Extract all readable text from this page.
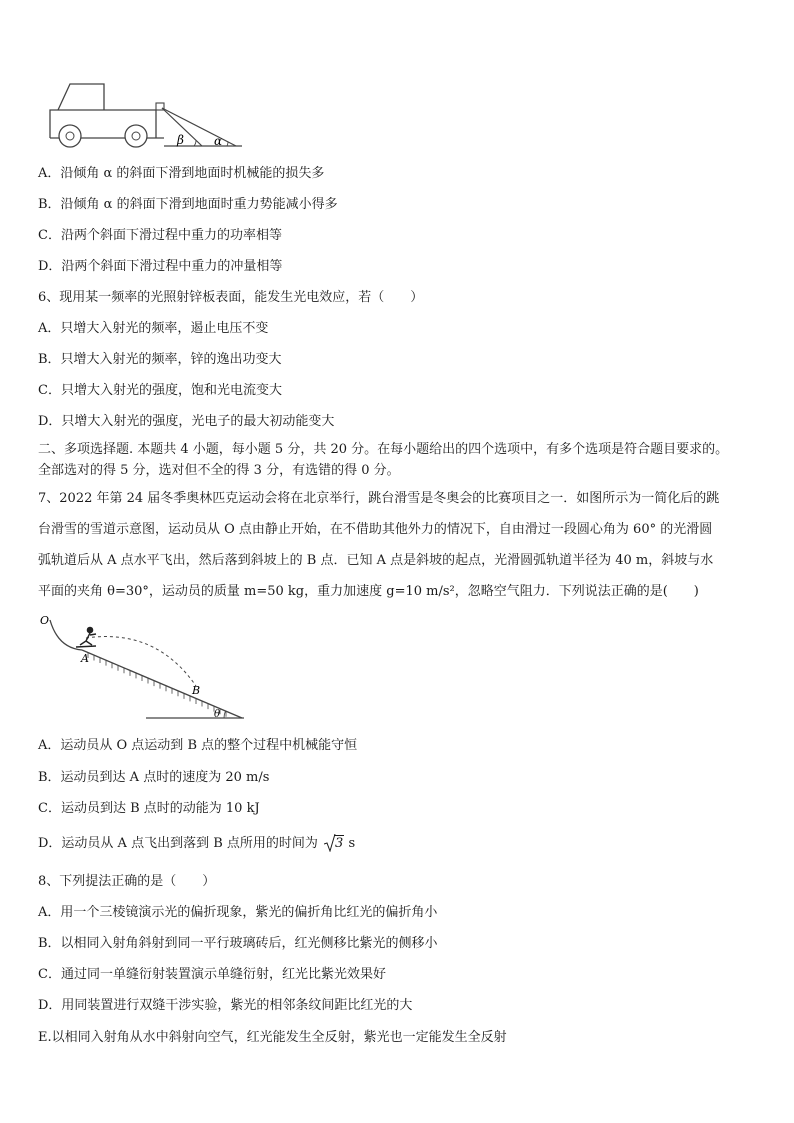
β	α
A．沿倾角 α 的斜面下滑到地面时机械能的损失多
B．沿倾角 α 的斜面下滑到地面时重力势能减小得多
C．沿两个斜面下滑过程中重力的功率相等
D．沿两个斜面下滑过程中重力的冲量相等
6、现用某一频率的光照射锌板表面，能发生光电效应，若（　　）
A．只增大入射光的频率，遏止电压不变
B．只增大入射光的频率，锌的逸出功变大
C．只增大入射光的强度，饱和光电流变大
D．只增大入射光的强度，光电子的最大初动能变大
二、多项选择题. 本题共 4 小题，每小题 5 分，共 20 分。在每小题给出的四个选项中，有多个选项是符合题目要求的。
全部选对的得 5 分，选对但不全的得 3 分，有选错的得 0 分。
7、2022 年第 24 届冬季奥林匹克运动会将在北京举行，跳台滑雪是冬奥会的比赛项目之一．如图所示为一简化后的跳
台滑雪的雪道示意图，运动员从 O 点由静止开始，在不借助其他外力的情况下，自由滑过一段圆心角为 60° 的光滑圆
弧轨道后从 A 点水平飞出，然后落到斜坡上的 B 点．已知 A 点是斜坡的起点，光滑圆弧轨道半径为 40 m，斜坡与水
平面的夹角 θ=30°，运动员的质量 m=50 kg，重力加速度 g=10 m/s²，忽略空气阻力．下列说法正确的是(　　)
O
A
B
θ
A．运动员从 O 点运动到 B 点的整个过程中机械能守恒
B．运动员到达 A 点时的速度为 20 m/s
C．运动员到达 B 点时的动能为 10 kJ
D．运动员从 A 点飞出到落到 B 点所用的时间为 3 s
8、下列提法正确的是（　　）
A．用一个三棱镜演示光的偏折现象，紫光的偏折角比红光的偏折角小
B．以相同入射角斜射到同一平行玻璃砖后，红光侧移比紫光的侧移小
C．通过同一单缝衍射装置演示单缝衍射，红光比紫光效果好
D．用同装置进行双缝干涉实验，紫光的相邻条纹间距比红光的大
E.以相同入射角从水中斜射向空气，红光能发生全反射，紫光也一定能发生全反射
